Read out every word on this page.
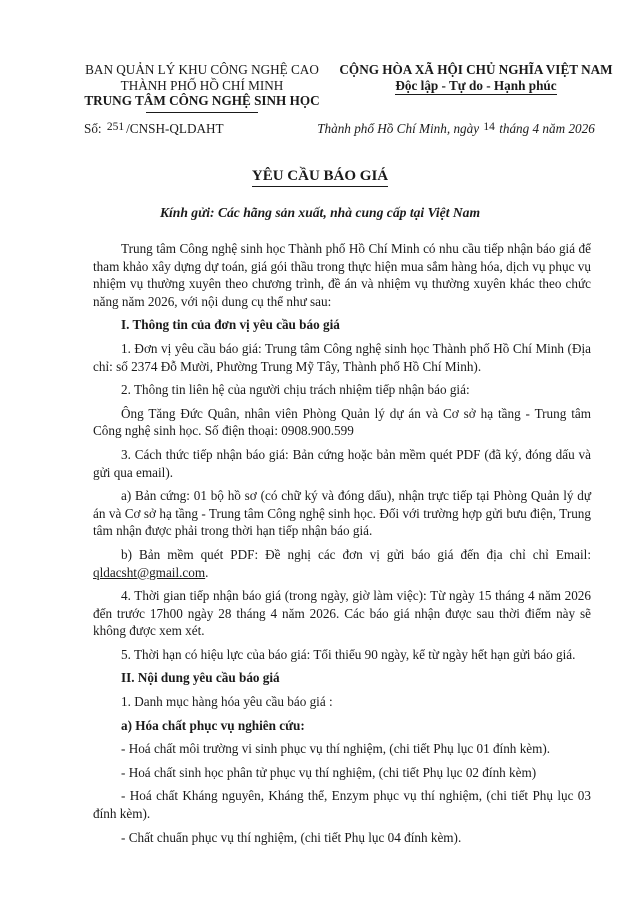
BAN QUẢN LÝ KHU CÔNG NGHỆ CAO
THÀNH PHỐ HỒ CHÍ MINH
TRUNG TÂM CÔNG NGHỆ SINH HỌC
CỘNG HÒA XÃ HỘI CHỦ NGHĨA VIỆT NAM
Độc lập - Tự do - Hạnh phúc
Số: 251 /CNSH-QLDAHT	Thành phố Hồ Chí Minh, ngày 14 tháng 4 năm 2026
YÊU CẦU BÁO GIÁ
Kính gửi: Các hãng sản xuất, nhà cung cấp tại Việt Nam

Trung tâm Công nghệ sinh học Thành phố Hồ Chí Minh có nhu cầu tiếp nhận báo giá để tham khảo xây dựng dự toán, giá gói thầu trong thực hiện mua sắm hàng hóa, dịch vụ phục vụ nhiệm vụ thường xuyên theo chương trình, đề án và nhiệm vụ thường xuyên khác theo chức năng năm 2026, với nội dung cụ thể như sau:

I. Thông tin của đơn vị yêu cầu báo giá

1. Đơn vị yêu cầu báo giá: Trung tâm Công nghệ sinh học Thành phố Hồ Chí Minh (Địa chỉ: số 2374 Đỗ Mười, Phường Trung Mỹ Tây, Thành phố Hồ Chí Minh).

2. Thông tin liên hệ của người chịu trách nhiệm tiếp nhận báo giá:

Ông Tăng Đức Quân, nhân viên Phòng Quản lý dự án và Cơ sở hạ tầng - Trung tâm Công nghệ sinh học. Số điện thoại: 0908.900.599

3. Cách thức tiếp nhận báo giá: Bản cứng hoặc bản mềm quét PDF (đã ký, đóng dấu và gửi qua email).

a) Bản cứng: 01 bộ hồ sơ (có chữ ký và đóng dấu), nhận trực tiếp tại Phòng Quản lý dự án và Cơ sở hạ tầng - Trung tâm Công nghệ sinh học. Đối với trường hợp gửi bưu điện, Trung tâm nhận được phải trong thời hạn tiếp nhận báo giá.

b) Bản mềm quét PDF: Đề nghị các đơn vị gửi báo giá đến địa chỉ chỉ Email: qldacsht@gmail.com.

4. Thời gian tiếp nhận báo giá (trong ngày, giờ làm việc): Từ ngày 15 tháng 4 năm 2026 đến trước 17h00 ngày 28 tháng 4 năm 2026. Các báo giá nhận được sau thời điểm này sẽ không được xem xét.

5. Thời hạn có hiệu lực của báo giá: Tối thiểu 90 ngày, kể từ ngày hết hạn gửi báo giá.

II. Nội dung yêu cầu báo giá

1. Danh mục hàng hóa yêu cầu báo giá :

a) Hóa chất phục vụ nghiên cứu:

- Hoá chất môi trường vi sinh phục vụ thí nghiệm, (chi tiết Phụ lục 01 đính kèm).

- Hoá chất sinh học phân tử phục vụ thí nghiệm, (chi tiết Phụ lục 02 đính kèm)

- Hoá chất Kháng nguyên, Kháng thể, Enzym phục vụ thí nghiệm, (chi tiết Phụ lục 03 đính kèm).

- Chất chuẩn phục vụ thí nghiệm, (chi tiết Phụ lục 04 đính kèm).
